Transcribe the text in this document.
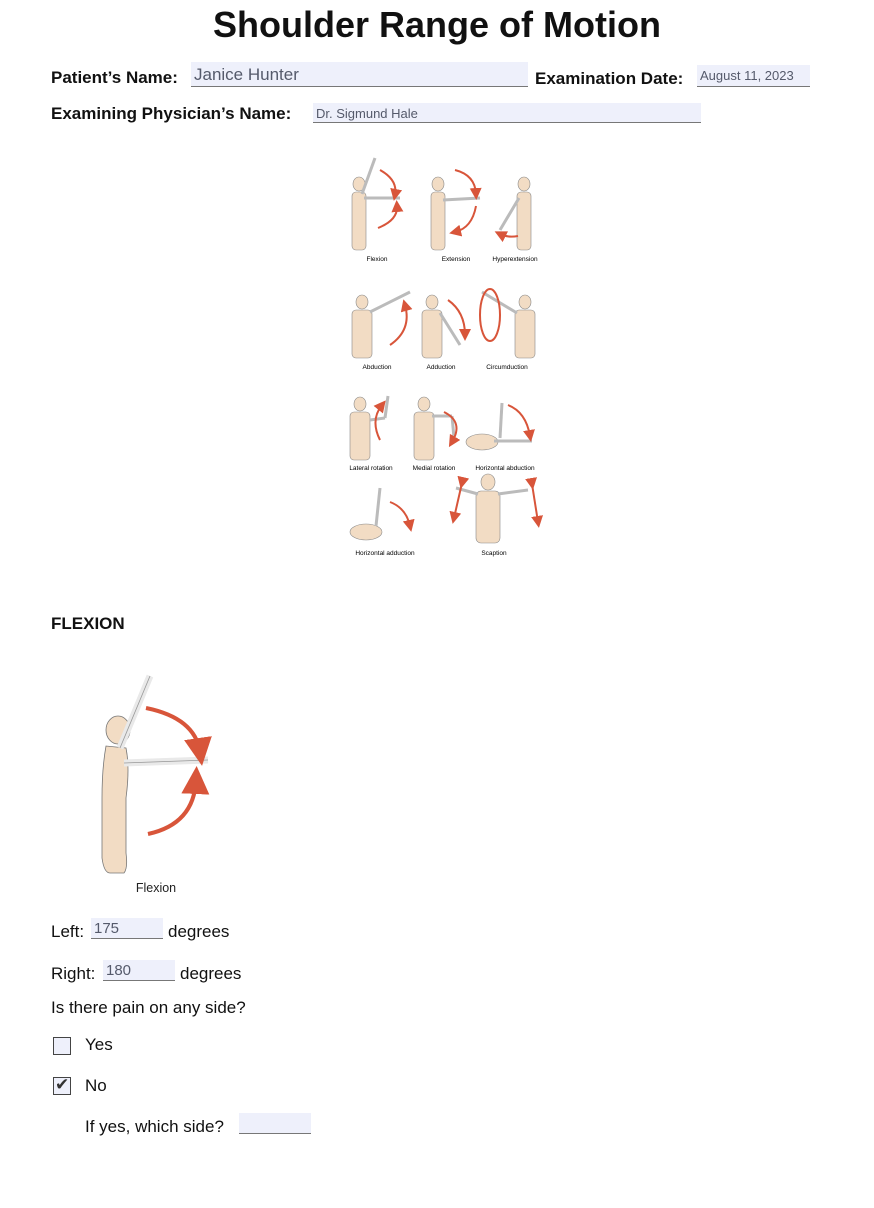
Shoulder Range of Motion
Patient’s Name: Janice Hunter	Examination Date: August 11, 2023
Examining Physician’s Name: Dr. Sigmund Hale
Flexion	Extension	Hyperextension
Abduction	Adduction	Circumduction
Lateral rotation	Medial rotation	Horizontal abduction
Horizontal adduction	Scaption
FLEXION
Flexion
Left: 175	degrees
Right: 180	degrees
Is there pain on any side?
Yes
✔ No
If yes, which side?
